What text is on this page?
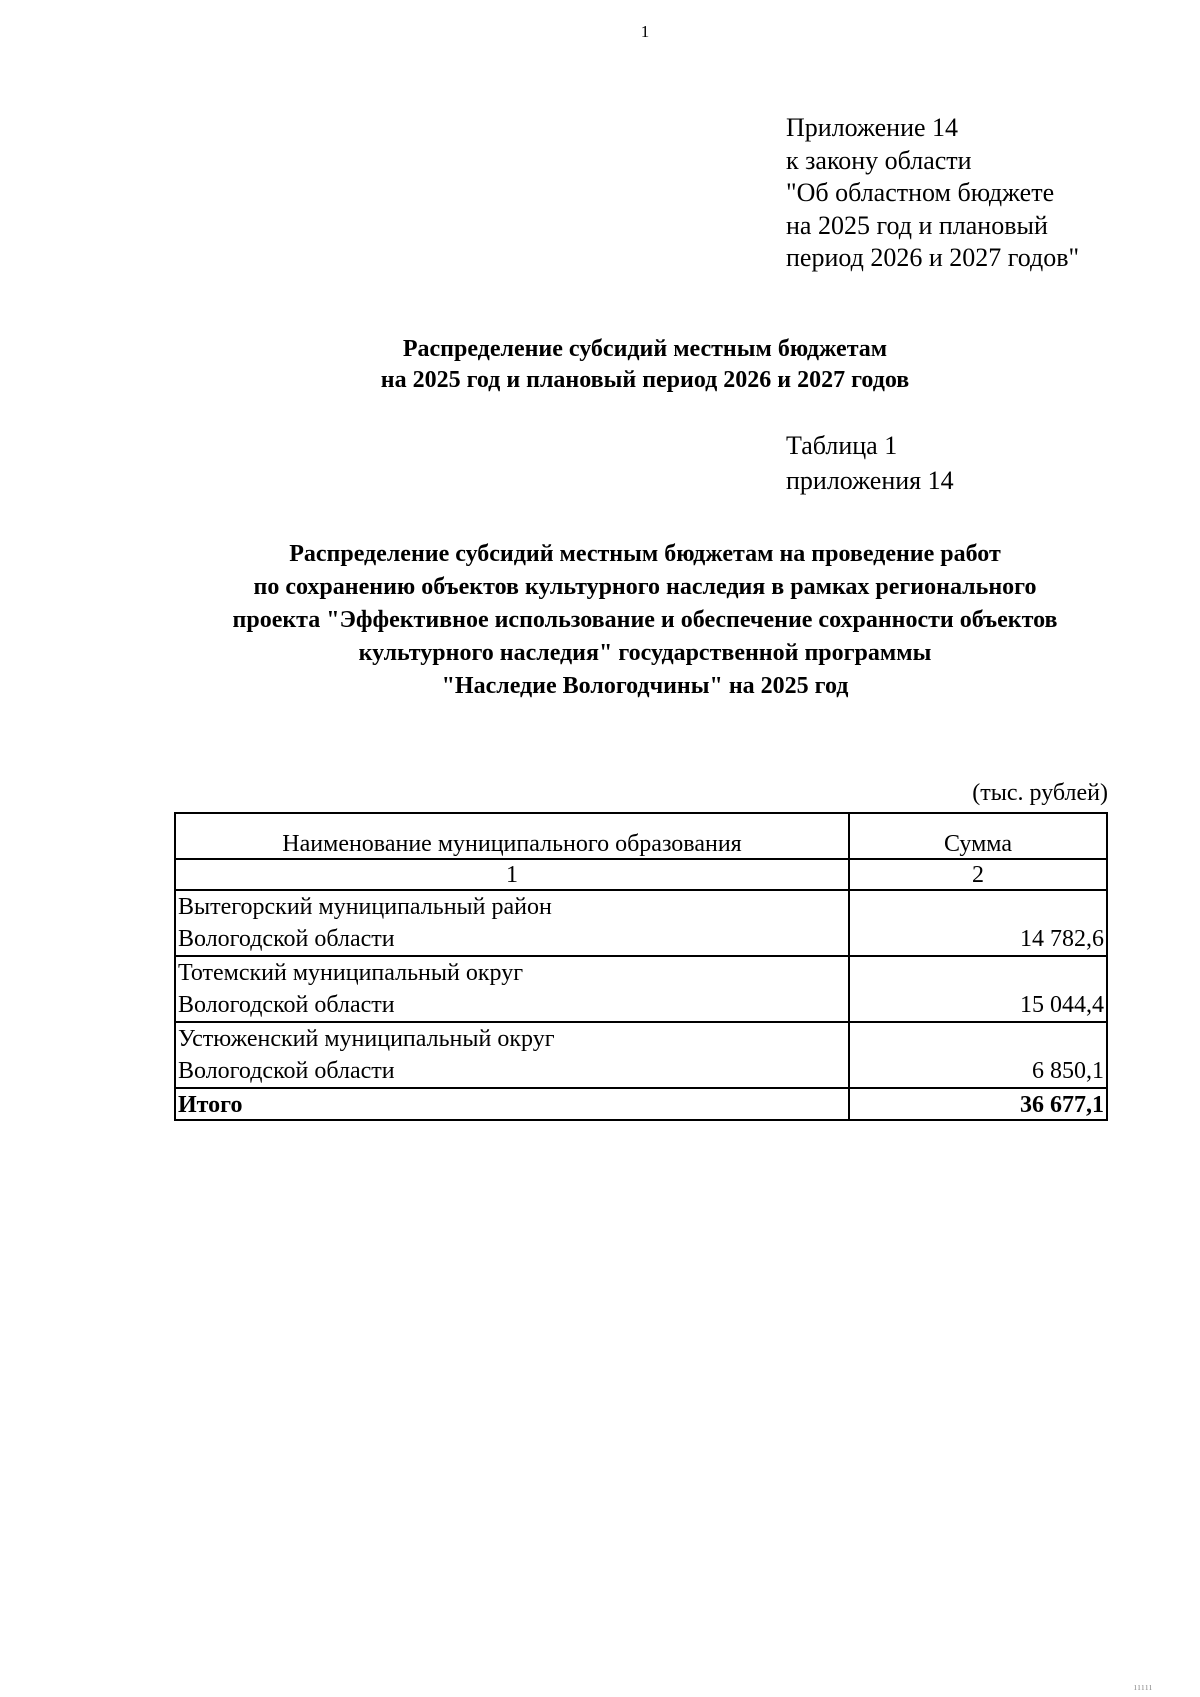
1
Приложение 14
к закону области
"Об областном бюджете
на 2025 год и плановый
период 2026 и 2027 годов"
Распределение субсидий местным бюджетам
на 2025 год и плановый период 2026 и 2027 годов
Таблица 1
приложения 14
Распределение субсидий местным бюджетам на проведение работ
по сохранению объектов культурного наследия в рамках регионального
проекта "Эффективное использование и обеспечение сохранности объектов
культурного наследия" государственной программы
"Наследие Вологодчины" на 2025 год
(тыс. рублей)
Наименование муниципального образования	Сумма
1	2

Вытегорский муниципальный район
Вологодской области	14 782,6

Тотемский муниципальный округ
Вологодской области	15 044,4

Устюженский муниципальный округ
Вологодской области	6 850,1
Итого	36 677,1
ııııı
